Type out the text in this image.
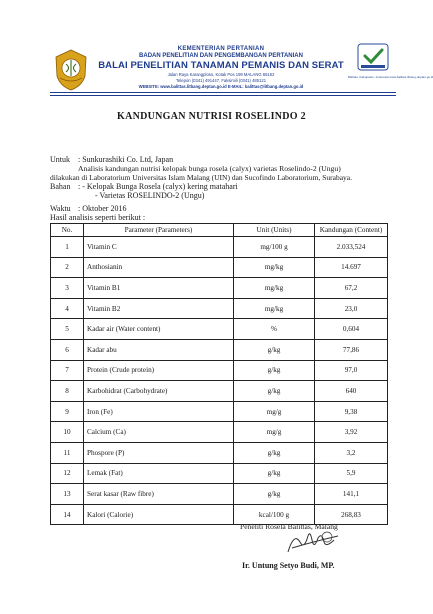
KEMENTERIAN PERTANIAN
BADAN PENELITIAN DAN PENGEMBANGAN PERTANIAN
BALAI PENELITIAN TANAMAN PEMANIS DAN SERAT
Jalan Raya Karangploso, Kotak Pos 199 MALANG 65152
Telepon (0341) 491447, Faksimili (0341) 485121
WEBSITE: www.balittas.litbang.deptan.go.id E-MAIL: balittas@litbang.deptan.go.id
Balittas, Kabupaten, Indonesia www.balittas.litbang.deptan.go.id
KANDUNGAN NUTRISI ROSELINDO 2
Untuk : Sunkurashiki Co. Ltd, Japan
Analisis kandungan nutrisi kelopak bunga rosela (calyx) varietas Roselindo-2 (Ungu)
dilakukan di Laboratorium Universitas Islam Malang (UIN) dan Sucofindo Laboratorium, Surabaya.
Bahan : - Kelopak Bunga Rosela (calyx) kering matahari
- Varietas ROSELINDO-2 (Ungu)
No.	Parameter (Parameters)	Unit (Units)	Kandungan (Content)
1	Vitamin C	mg/100 g	2.033,524
2	Anthosianin	mg/kg	14.697
3	Vitamin B1	mg/kg	67,2
4	Vitamin B2	mg/kg	23,0
5	Kadar air (Water content)	%	0,604
6	Kadar abu	g/kg	77,86
7	Protein (Crude protein)	g/kg	97,0
8	Karbohidrat (Carbohydrate)	g/kg	640
9	Iron (Fe)	mg/g	9,38
10	Calcium (Ca)	mg/g	3,92
11	Phospore (P)	g/kg	3,2
12	Lemak (Fat)	g/kg	5,9
13	Serat kasar (Raw fibre)	g/kg	141,1
14	Kalori (Calorie)	kcal/100 g	268,83
Peneliti Rosela Balittas, Malang
Ir. Untung Setyo Budi, MP.
Waktu : Oktober 2016
Hasil analisis seperti berikut :
